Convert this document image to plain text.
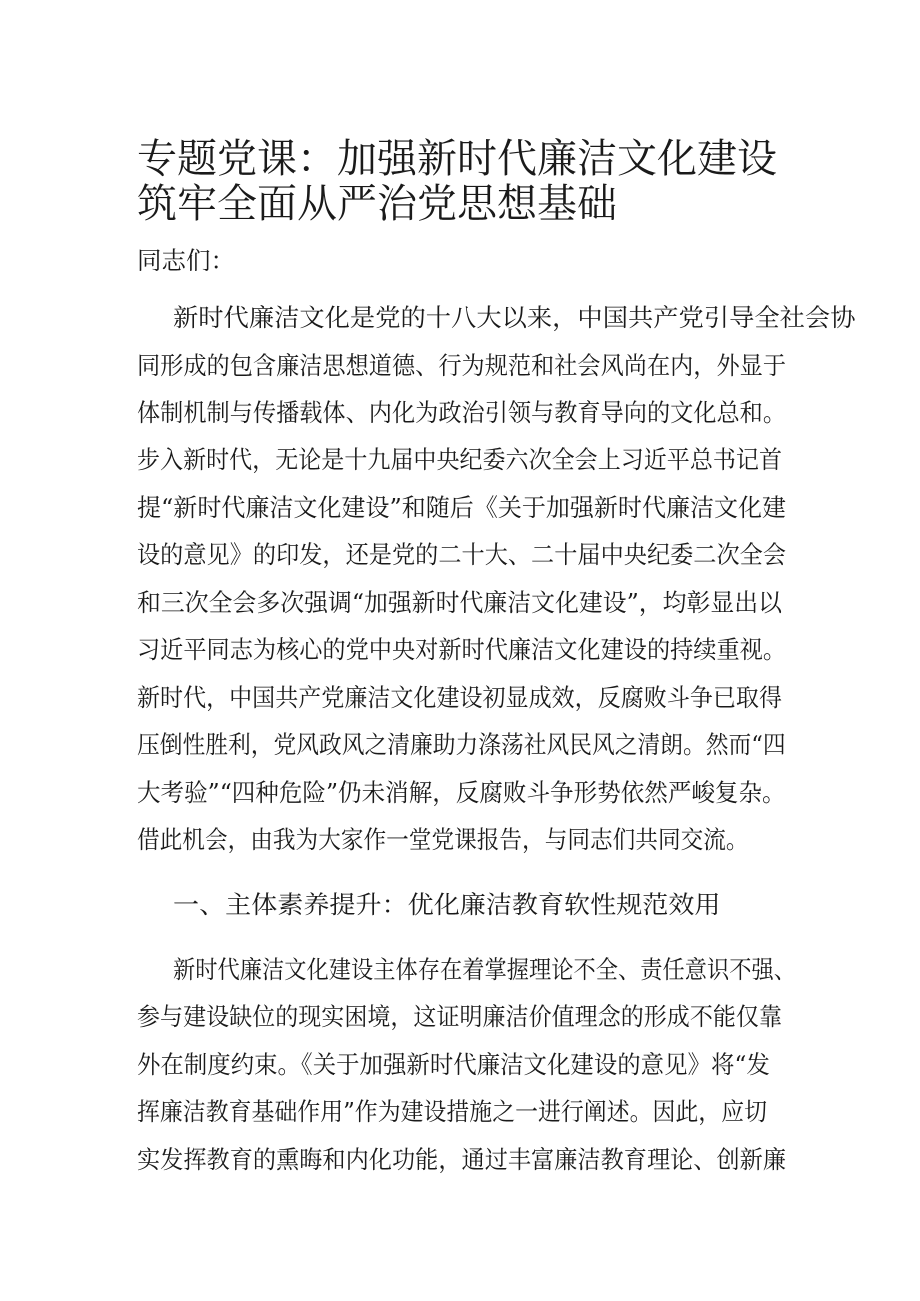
专题党课：加强新时代廉洁文化建设筑牢全面从严治党思想基础

同志们：

新时代廉洁文化是党的十八大以来，中国共产党引导全社会协

同形成的包含廉洁思想道德、行为规范和社会风尚在内，外显于

体制机制与传播载体、内化为政治引领与教育导向的文化总和。

步入新时代，无论是十九届中央纪委六次全会上习近平总书记首

提“新时代廉洁文化建设”和随后《关于加强新时代廉洁文化建

设的意见》的印发，还是党的二十大、二十届中央纪委二次全会

和三次全会多次强调“加强新时代廉洁文化建设”，均彰显出以

习近平同志为核心的党中央对新时代廉洁文化建设的持续重视。

新时代，中国共产党廉洁文化建设初显成效，反腐败斗争已取得

压倒性胜利，党风政风之清廉助力涤荡社风民风之清朗。然而“四

大考验”“四种危险”仍未消解，反腐败斗争形势依然严峻复杂。

借此机会，由我为大家作一堂党课报告，与同志们共同交流。

一、主体素养提升：优化廉洁教育软性规范效用

新时代廉洁文化建设主体存在着掌握理论不全、责任意识不强、

参与建设缺位的现实困境，这证明廉洁价值理念的形成不能仅靠

外在制度约束。《关于加强新时代廉洁文化建设的意见》将“发

挥廉洁教育基础作用”作为建设措施之一进行阐述。因此，应切

实发挥教育的熏晦和内化功能，通过丰富廉洁教育理论、创新廉
